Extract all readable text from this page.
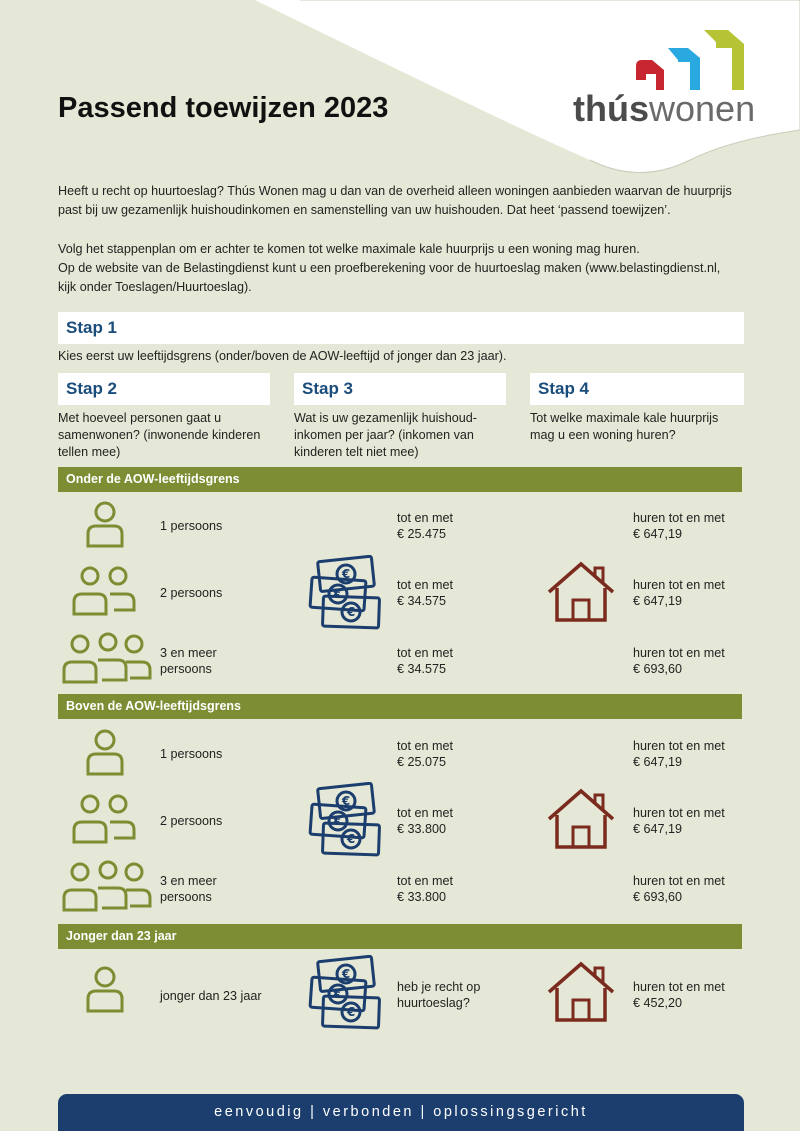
thúswonen
Passend toewijzen 2023
Heeft u recht op huurtoeslag? Thús Wonen mag u dan van de overheid alleen woningen aanbieden waarvan de huurprijs
past bij uw gezamenlijk huishoudinkomen en samenstelling van uw huishouden. Dat heet ‘passend toewijzen’.
Volg het stappenplan om er achter te komen tot welke maximale kale huurprijs u een woning mag huren.
Op de website van de Belastingdienst kunt u een proefberekening voor de huurtoeslag maken (www.belastingdienst.nl,
kijk onder Toeslagen/Huurtoeslag).
Stap 1
Kies eerst uw leeftijdsgrens (onder/boven de AOW-leeftijd of jonger dan 23 jaar).
Stap 2	Stap 3	Stap 4
Met hoeveel personen gaat u
samenwonen? (inwonende kinderen
tellen mee)
Wat is uw gezamenlijk huishoud-
inkomen per jaar? (inkomen van
kinderen telt niet mee)
Tot welke maximale kale huurprijs
mag u een woning huren?
Onder de AOW-leeftijdsgrens
1 persoons
tot en met
€ 25.475
huren tot en met
€ 647,19
2 persoons
€
€
€
tot en met
€ 34.575
huren tot en met
€ 647,19
3 en meer
persoons
tot en met
€ 34.575
huren tot en met
€ 693,60
Boven de AOW-leeftijdsgrens
1 persoons
tot en met
€ 25.075
huren tot en met
€ 647,19
2 persoons
€
€
€
tot en met
€ 33.800
huren tot en met
€ 647,19
3 en meer
persoons
tot en met
€ 33.800
huren tot en met
€ 693,60
Jonger dan 23 jaar
jonger dan 23 jaar
€
€
€
heb je recht op
huurtoeslag?
huren tot en met
€ 452,20
eenvoudig | verbonden | oplossingsgericht
